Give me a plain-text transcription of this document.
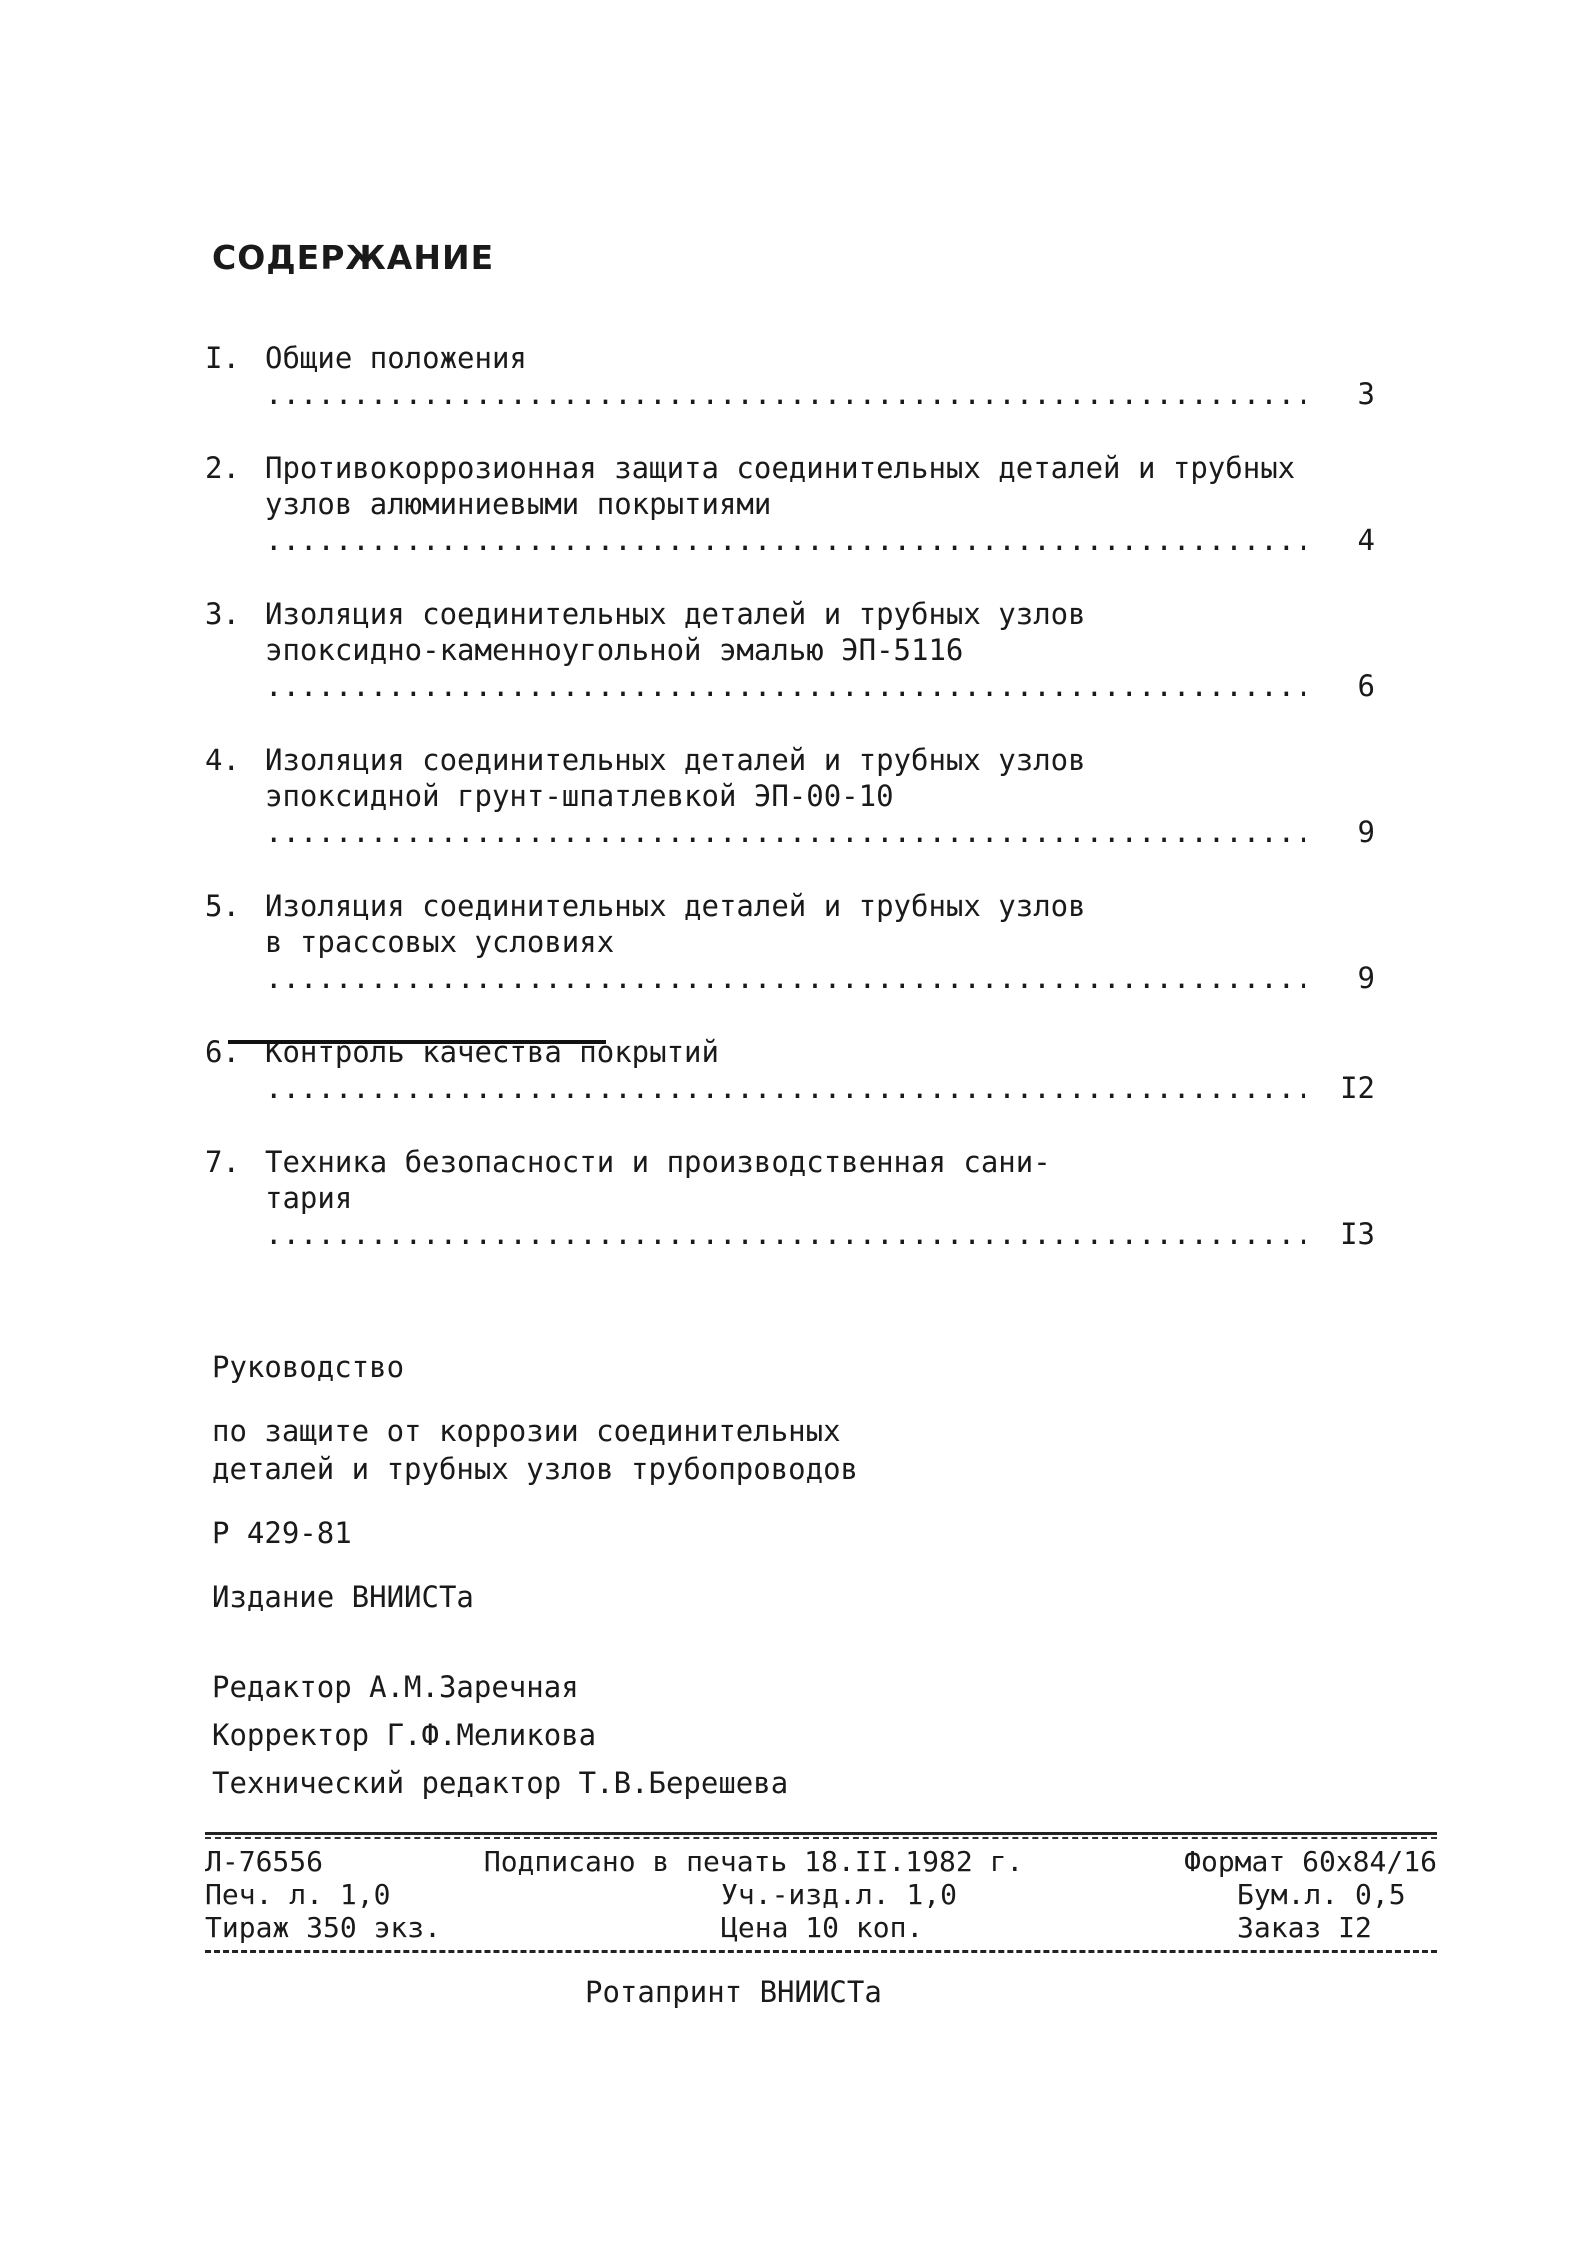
СОДЕРЖАНИЕ
I. Общие положения .....
3
2. Противокоррозионная защита соединительных деталей и трубных узлов алюминиевыми покрытиями .....
4
3. Изоляция соединительных деталей и трубных узлов
эпоксидно-каменноугольной эмалью ЭП-5116 .....
6
4. Изоляция соединительных деталей и трубных узлов
эпоксидной грунт-шпатлевкой ЭП-00-10 .....
9
5. Изоляция соединительных деталей и трубных узлов
в трассовых условиях .....
9
6. Контроль качества покрытий .....
I2
7. Техника безопасности и производственная сани-
тария .....
I3

Руководство

по защите от коррозии соединительных

деталей и трубных узлов трубопроводов

Р 429-81

Издание ВНИИСТа

Редактор А.М.Заречная

Корректор Г.Ф.Меликова

Технический редактор Т.В.Берешева

Л-76556	Подписано в печать 18.II.1982 г.	Формат 60х84/16
Печ. л. 1,0	Уч.-изд.л. 1,0	Бум.л. 0,5
Тираж 350 экз.	Цена 10 коп.	Заказ I2
Ротапринт ВНИИСТа
